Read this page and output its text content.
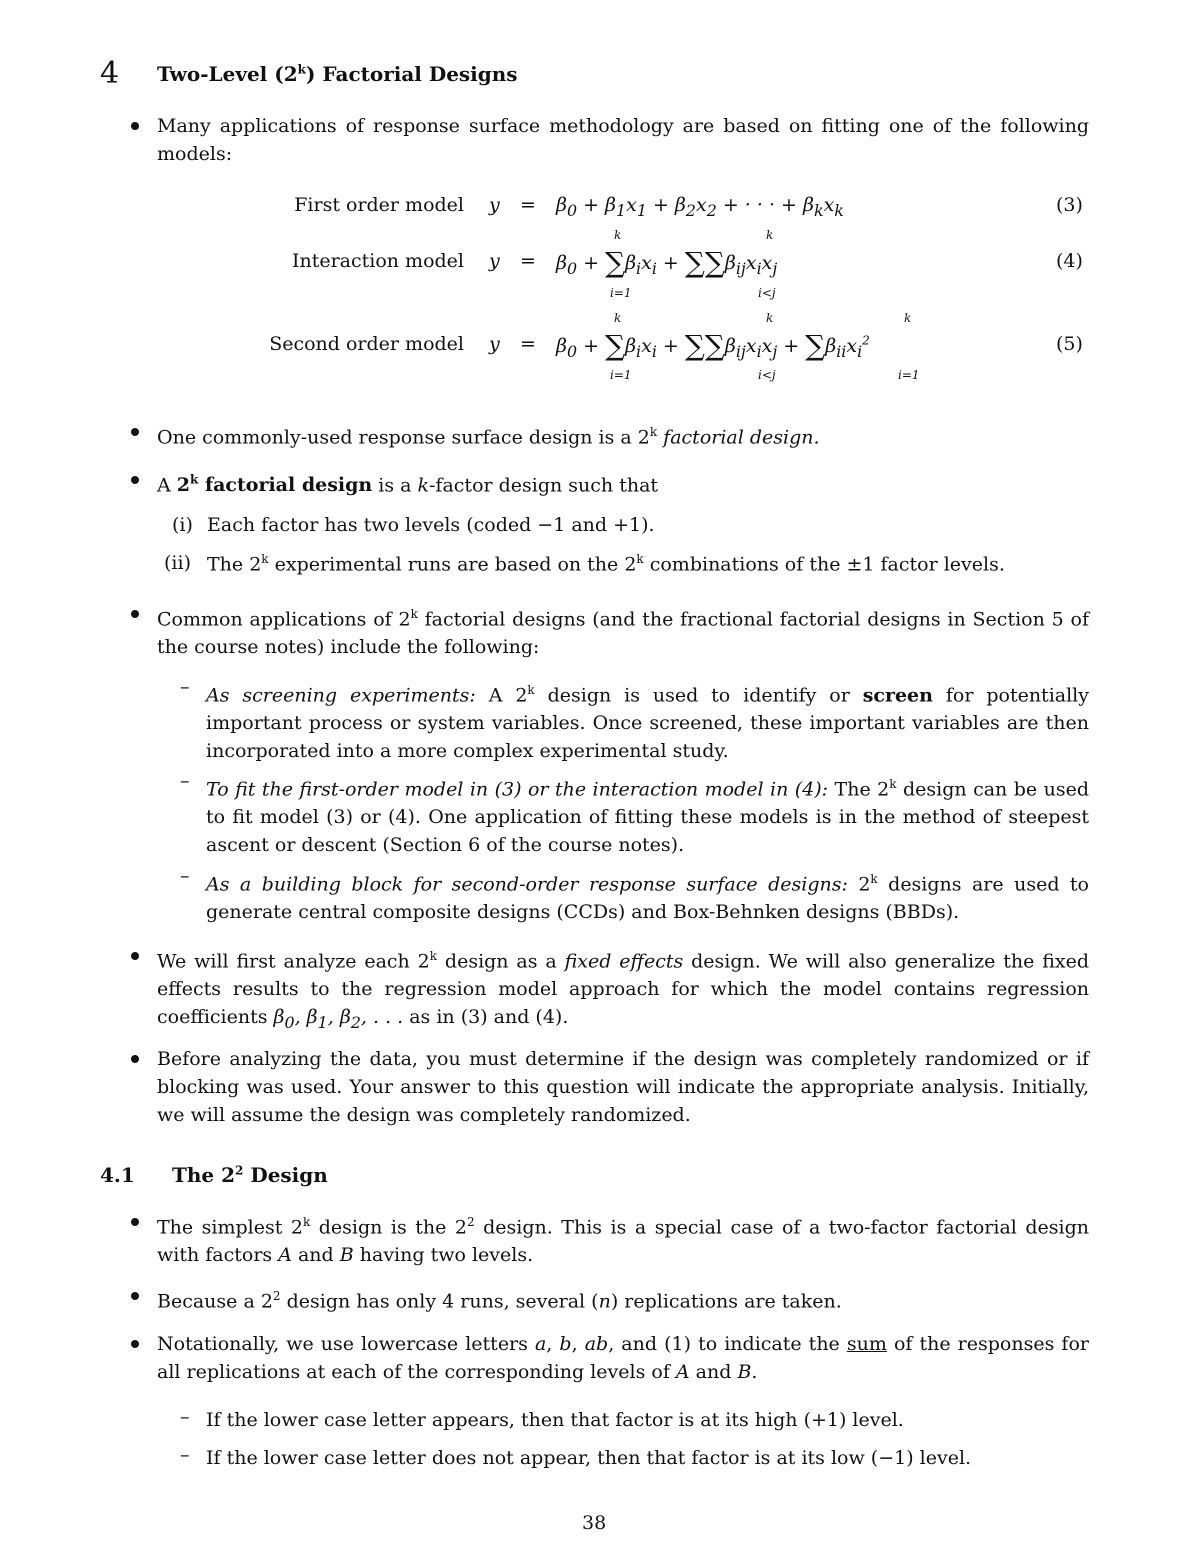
4 Two-Level (2$^k$) Factorial Designs
Many applications of response surface methodology are based on fitting one of the following models:
First order model $y = \beta_0 + \beta_1x_1 + \beta_2x_2$ + · · · + $\beta_kx_k$	(3)
Interaction model $y = \beta_0 + \sum\beta_ix_i + \sum\sum\beta_{ij}x_ix_j$
k
i=1
k
i<j
(4)
Second order model $y = \beta_0 + \sum\beta_ix_i + \sum\sum\beta_{ij}x_ix_j + \sum\beta_{ii}x_i^2$
k
i=1
k
i<j
k
i=1
(5)
One commonly-used response surface design is a 2$^k$ factorial design.
A 2$^k$ factorial design is a k-factor design such that
(i) Each factor has two levels (coded −1 and +1).
(ii) The 2$^k$ experimental runs are based on the 2$^k$ combinations of the ±1 factor levels.
Common applications of 2$^k$ factorial designs (and the fractional factorial designs in Section 5 of the course notes) include the following:
– As screening experiments: A 2$^k$ design is used to identify or screen for potentially important process or system variables. Once screened, these important variables are then incorporated into a more complex experimental study.
– To fit the first-order model in (3) or the interaction model in (4): The 2$^k$ design can be used to fit model (3) or (4). One application of fitting these models is in the method of steepest ascent or descent (Section 6 of the course notes).
– As a building block for second-order response surface designs: 2$^k$ designs are used to generate central composite designs (CCDs) and Box-Behnken designs (BBDs).
We will first analyze each 2$^k$ design as a fixed effects design. We will also generalize the fixed effects results to the regression model approach for which the model contains regression coefficients $\beta_0$, $\beta_1$, $\beta_2$, . . . as in (3) and (4).
Before analyzing the data, you must determine if the design was completely randomized or if blocking was used. Your answer to this question will indicate the appropriate analysis. Initially, we will assume the design was completely randomized.
4.1 The $2^2$ Design
The simplest 2$^k$ design is the $2^2$ design. This is a special case of a two-factor factorial design with factors A and B having two levels.
Because a $2^2$ design has only 4 runs, several (n) replications are taken.
Notationally, we use lowercase letters a, b, ab, and (1) to indicate the sum of the responses for all replications at each of the corresponding levels of A and B.
– If the lower case letter appears, then that factor is at its high (+1) level.
– If the lower case letter does not appear, then that factor is at its low (−1) level.
38
